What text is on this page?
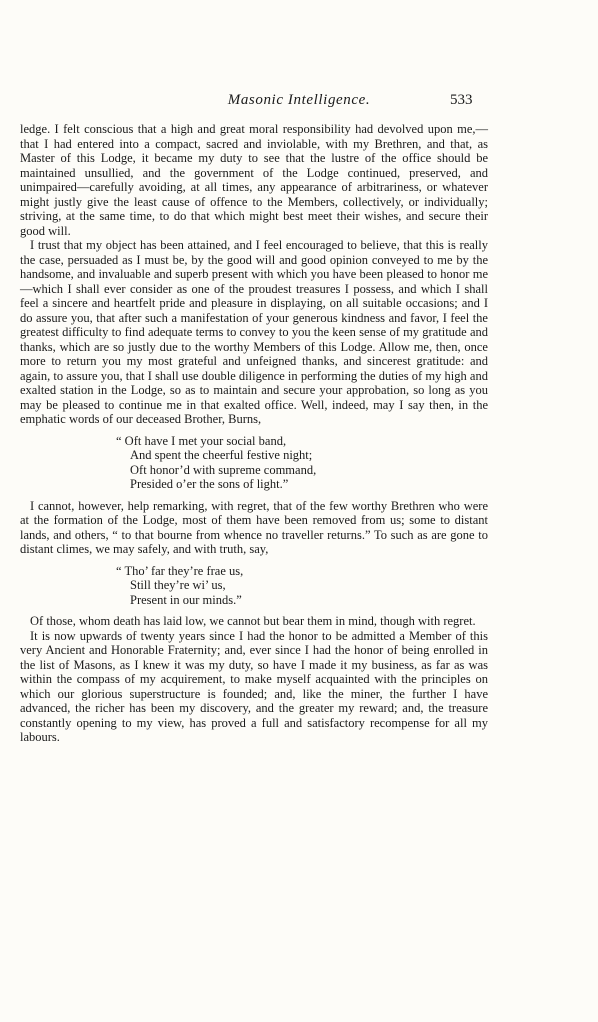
Masonic Intelligence.	533

ledge. I felt conscious that a high and great moral responsibility had devolved upon me,—that I had entered into a compact, sacred and inviolable, with my Brethren, and that, as Master of this Lodge, it became my duty to see that the lustre of the office should be maintained unsullied, and the government of the Lodge continued, preserved, and unimpaired—carefully avoiding, at all times, any appearance of arbitrariness, or whatever might justly give the least cause of offence to the Members, collectively, or individually; striving, at the same time, to do that which might best meet their wishes, and secure their good will.

I trust that my object has been attained, and I feel encouraged to believe, that this is really the case, persuaded as I must be, by the good will and good opinion conveyed to me by the handsome, and invaluable and superb present with which you have been pleased to honor me—which I shall ever consider as one of the proudest treasures I possess, and which I shall feel a sincere and heartfelt pride and pleasure in displaying, on all suitable occasions; and I do assure you, that after such a manifestation of your generous kindness and favor, I feel the greatest difficulty to find adequate terms to convey to you the keen sense of my gratitude and thanks, which are so justly due to the worthy Members of this Lodge. Allow me, then, once more to return you my most grateful and unfeigned thanks, and sincerest gratitude: and again, to assure you, that I shall use double diligence in performing the duties of my high and exalted station in the Lodge, so as to maintain and secure your approbation, so long as you may be pleased to continue me in that exalted office. Well, indeed, may I say then, in the emphatic words of our deceased Brother, Burns,

“ Oft have I met your social band,
And spent the cheerful festive night;
Oft honor’d with supreme command,
Presided o’er the sons of light.”

I cannot, however, help remarking, with regret, that of the few worthy Brethren who were at the formation of the Lodge, most of them have been removed from us; some to distant lands, and others, “ to that bourne from whence no traveller returns.” To such as are gone to distant climes, we may safely, and with truth, say,

“ Tho’ far they’re frae us,
Still they’re wi’ us,
Present in our minds.”

Of those, whom death has laid low, we cannot but bear them in mind, though with regret.

It is now upwards of twenty years since I had the honor to be admitted a Member of this very Ancient and Honorable Fraternity; and, ever since I had the honor of being enrolled in the list of Masons, as I knew it was my duty, so have I made it my business, as far as was within the compass of my acquirement, to make myself acquainted with the principles on which our glorious superstructure is founded; and, like the miner, the further I have advanced, the richer has been my discovery, and the greater my reward; and, the treasure constantly opening to my view, has proved a full and satisfactory recompense for all my labours.
